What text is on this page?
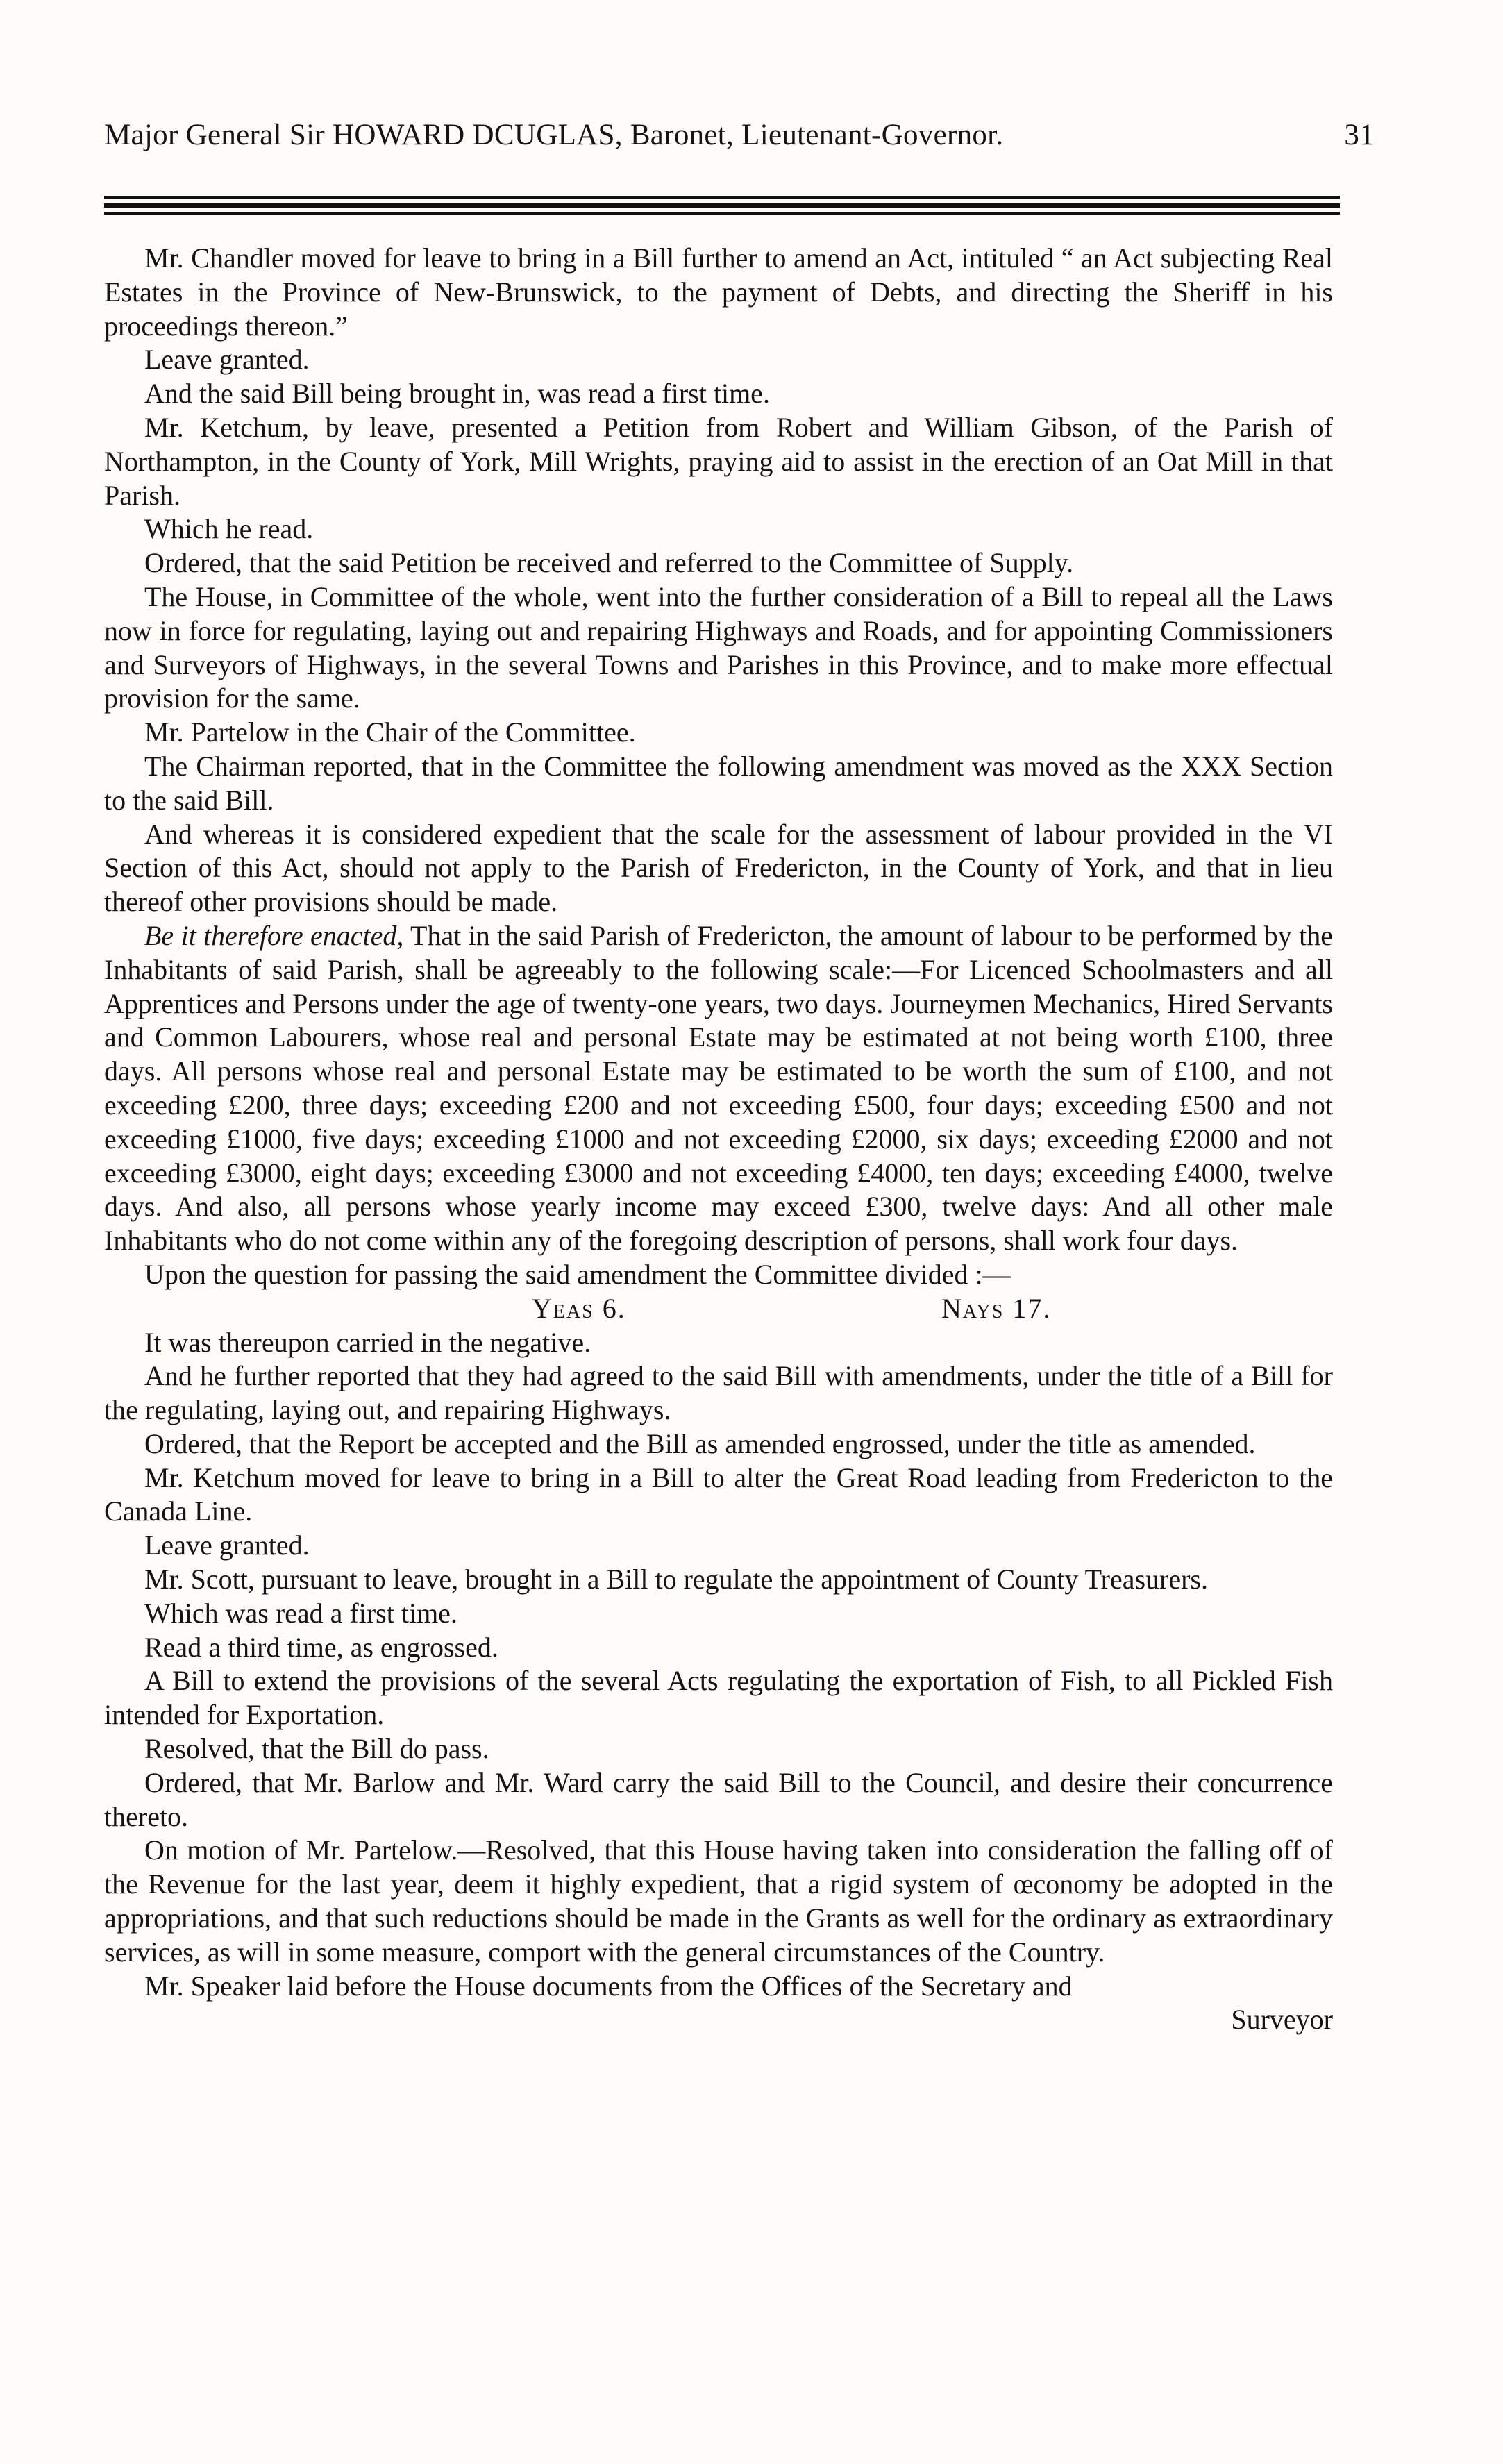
Major General Sir HOWARD DCUGLAS, Baronet, Lieutenant-Governor.	31

Mr. Chandler moved for leave to bring in a Bill further to amend an Act, intituled “ an Act subjecting Real Estates in the Province of New-Brunswick, to the payment of Debts, and directing the Sheriff in his proceedings thereon.”

Leave granted.

And the said Bill being brought in, was read a first time.

Mr. Ketchum, by leave, presented a Petition from Robert and William Gibson, of the Parish of Northampton, in the County of York, Mill Wrights, praying aid to assist in the erection of an Oat Mill in that Parish.

Which he read.

Ordered, that the said Petition be received and referred to the Committee of Supply.

The House, in Committee of the whole, went into the further consideration of a Bill to repeal all the Laws now in force for regulating, laying out and repairing Highways and Roads, and for appointing Commissioners and Surveyors of Highways, in the several Towns and Parishes in this Province, and to make more effectual provision for the same.

Mr. Partelow in the Chair of the Committee.

The Chairman reported, that in the Committee the following amendment was moved as the XXX Section to the said Bill.

And whereas it is considered expedient that the scale for the assessment of labour provided in the VI Section of this Act, should not apply to the Parish of Fredericton, in the County of York, and that in lieu thereof other provisions should be made.

Be it therefore enacted, That in the said Parish of Fredericton, the amount of labour to be performed by the Inhabitants of said Parish, shall be agreeably to the following scale:—For Licenced Schoolmasters and all Apprentices and Persons under the age of twenty-one years, two days. Journeymen Mechanics, Hired Servants and Common Labourers, whose real and personal Estate may be estimated at not being worth £100, three days. All persons whose real and personal Estate may be estimated to be worth the sum of £100, and not exceeding £200, three days; exceeding £200 and not exceeding £500, four days; exceeding £500 and not exceeding £1000, five days; exceeding £1000 and not exceeding £2000, six days; exceeding £2000 and not exceeding £3000, eight days; exceeding £3000 and not exceeding £4000, ten days; exceeding £4000, twelve days. And also, all persons whose yearly income may exceed £300, twelve days: And all other male Inhabitants who do not come within any of the foregoing description of persons, shall work four days.

Upon the question for passing the said amendment the Committee divided :—

Yeas 6.	Nays 17.

It was thereupon carried in the negative.

And he further reported that they had agreed to the said Bill with amendments, under the title of a Bill for the regulating, laying out, and repairing Highways.

Ordered, that the Report be accepted and the Bill as amended engrossed, under the title as amended.

Mr. Ketchum moved for leave to bring in a Bill to alter the Great Road leading from Fredericton to the Canada Line.

Leave granted.

Mr. Scott, pursuant to leave, brought in a Bill to regulate the appointment of County Treasurers.

Which was read a first time.

Read a third time, as engrossed.

A Bill to extend the provisions of the several Acts regulating the exportation of Fish, to all Pickled Fish intended for Exportation.

Resolved, that the Bill do pass.

Ordered, that Mr. Barlow and Mr. Ward carry the said Bill to the Council, and desire their concurrence thereto.

On motion of Mr. Partelow.—Resolved, that this House having taken into consideration the falling off of the Revenue for the last year, deem it highly expedient, that a rigid system of œconomy be adopted in the appropriations, and that such reductions should be made in the Grants as well for the ordinary as extraordinary services, as will in some measure, comport with the general circumstances of the Country.

Mr. Speaker laid before the House documents from the Offices of the Secretary and

Surveyor
